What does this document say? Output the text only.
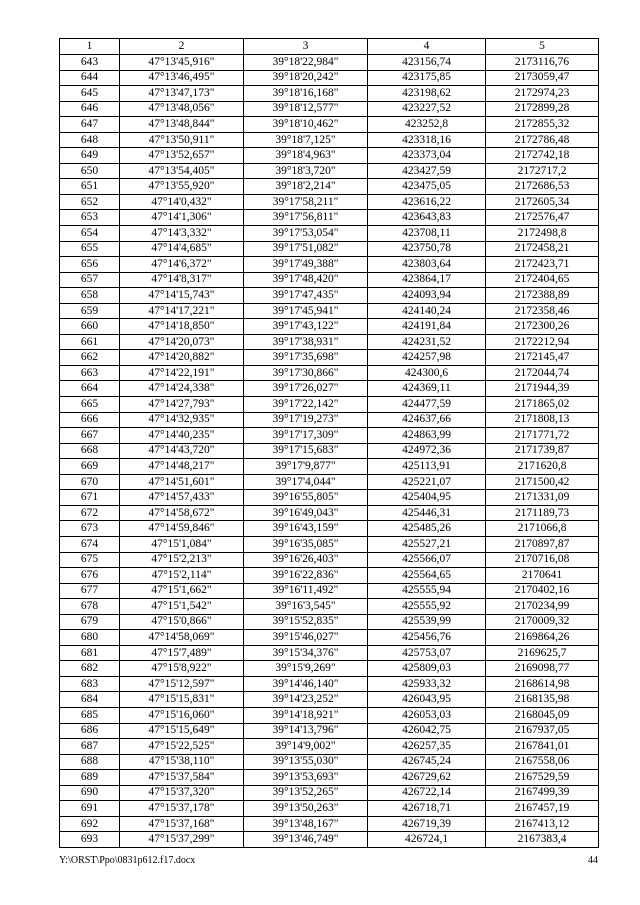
1	2	3	4	5
643	47°13'45,916"	39°18'22,984"	423156,74	2173116,76
644	47°13'46,495"	39°18'20,242"	423175,85	2173059,47
645	47°13'47,173"	39°18'16,168"	423198,62	2172974,23
646	47°13'48,056"	39°18'12,577"	423227,52	2172899,28
647	47°13'48,844"	39°18'10,462"	423252,8	2172855,32
648	47°13'50,911"	39°18'7,125"	423318,16	2172786,48
649	47°13'52,657"	39°18'4,963"	423373,04	2172742,18
650	47°13'54,405"	39°18'3,720"	423427,59	2172717,2
651	47°13'55,920"	39°18'2,214"	423475,05	2172686,53
652	47°14'0,432"	39°17'58,211"	423616,22	2172605,34
653	47°14'1,306"	39°17'56,811"	423643,83	2172576,47
654	47°14'3,332"	39°17'53,054"	423708,11	2172498,8
655	47°14'4,685"	39°17'51,082"	423750,78	2172458,21
656	47°14'6,372"	39°17'49,388"	423803,64	2172423,71
657	47°14'8,317"	39°17'48,420"	423864,17	2172404,65
658	47°14'15,743"	39°17'47,435"	424093,94	2172388,89
659	47°14'17,221"	39°17'45,941"	424140,24	2172358,46
660	47°14'18,850"	39°17'43,122"	424191,84	2172300,26
661	47°14'20,073"	39°17'38,931"	424231,52	2172212,94
662	47°14'20,882"	39°17'35,698"	424257,98	2172145,47
663	47°14'22,191"	39°17'30,866"	424300,6	2172044,74
664	47°14'24,338"	39°17'26,027"	424369,11	2171944,39
665	47°14'27,793"	39°17'22,142"	424477,59	2171865,02
666	47°14'32,935"	39°17'19,273"	424637,66	2171808,13
667	47°14'40,235"	39°17'17,309"	424863,99	2171771,72
668	47°14'43,720"	39°17'15,683"	424972,36	2171739,87
669	47°14'48,217"	39°17'9,877"	425113,91	2171620,8
670	47°14'51,601"	39°17'4,044"	425221,07	2171500,42
671	47°14'57,433"	39°16'55,805"	425404,95	2171331,09
672	47°14'58,672"	39°16'49,043"	425446,31	2171189,73
673	47°14'59,846"	39°16'43,159"	425485,26	2171066,8
674	47°15'1,084"	39°16'35,085"	425527,21	2170897,87
675	47°15'2,213"	39°16'26,403"	425566,07	2170716,08
676	47°15'2,114"	39°16'22,836"	425564,65	2170641
677	47°15'1,662"	39°16'11,492"	425555,94	2170402,16
678	47°15'1,542"	39°16'3,545"	425555,92	2170234,99
679	47°15'0,866"	39°15'52,835"	425539,99	2170009,32
680	47°14'58,069"	39°15'46,027"	425456,76	2169864,26
681	47°15'7,489"	39°15'34,376"	425753,07	2169625,7
682	47°15'8,922"	39°15'9,269"	425809,03	2169098,77
683	47°15'12,597"	39°14'46,140"	425933,32	2168614,98
684	47°15'15,831"	39°14'23,252"	426043,95	2168135,98
685	47°15'16,060"	39°14'18,921"	426053,03	2168045,09
686	47°15'15,649"	39°14'13,796"	426042,75	2167937,05
687	47°15'22,525"	39°14'9,002"	426257,35	2167841,01
688	47°15'38,110"	39°13'55,030"	426745,24	2167558,06
689	47°15'37,584"	39°13'53,693"	426729,62	2167529,59
690	47°15'37,320"	39°13'52,265"	426722,14	2167499,39
691	47°15'37,178"	39°13'50,263"	426718,71	2167457,19
692	47°15'37,168"	39°13'48,167"	426719,39	2167413,12
693	47°15'37,299"	39°13'46,749"	426724,1	2167383,4
Y:\ORST\Ppo\0831p612.f17.docx	44
